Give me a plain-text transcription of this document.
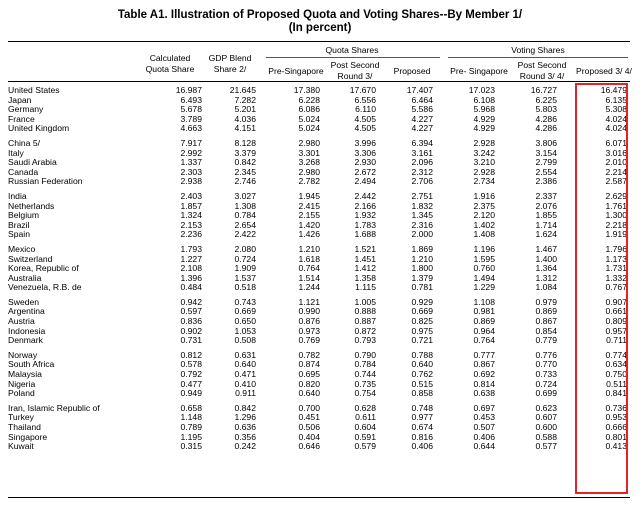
Table A1. Illustration of Proposed Quota and Voting Shares--By Member 1/
(In percent)
Calculated
Quota Share
GDP Blend
Share 2/
Quota Shares	Voting Shares
Pre-Singapore
Post Second
Round 3/	Proposed	Pre- Singapore
Post Second
Round 3/ 4/	Proposed 3/ 4/
United States	16.987	21.645	17.380	17.670	17.407	17.023	16.727	16.479
Japan	6.493	7.282	6.228	6.556	6.464	6.108	6.225	6.135
Germany	5.678	5.201	6.086	6.110	5.586	5.968	5.803	5.308
France	3.789	4.036	5.024	4.505	4.227	4.929	4.286	4.024
United Kingdom	4.663	4.151	5.024	4.505	4.227	4.929	4.286	4.024

China 5/	7.917	8.128	2.980	3.996	6.394	2.928	3.806	6.071
Italy	2.992	3.379	3.301	3.306	3.161	3.242	3.154	3.016
Saudi Arabia	1.337	0.842	3.268	2.930	2.096	3.210	2.799	2.010
Canada	2.303	2.345	2.980	2.672	2.312	2.928	2.554	2.214
Russian Federation	2.938	2.746	2.782	2.494	2.706	2.734	2.386	2.587

India	2.403	3.027	1.945	2.442	2.751	1.916	2.337	2.629
Netherlands	1.857	1.308	2.415	2.166	1.832	2.375	2.076	1.761
Belgium	1.324	0.784	2.155	1.932	1.345	2.120	1.855	1.300
Brazil	2.153	2.654	1.420	1.783	2.316	1.402	1.714	2.218
Spain	2.236	2.422	1.426	1.688	2.000	1.408	1.624	1.919

Mexico	1.793	2.080	1.210	1.521	1.869	1.196	1.467	1.796
Switzerland	1.227	0.724	1.618	1.451	1.210	1.595	1.400	1.173
Korea, Republic of	2.108	1.909	0.764	1.412	1.800	0.760	1.364	1.731
Australia	1.396	1.537	1.514	1.358	1.379	1.494	1.312	1.332
Venezuela, R.B. de	0.484	0.518	1.244	1.115	0.781	1.229	1.084	0.767

Sweden	0.942	0.743	1.121	1.005	0.929	1.108	0.979	0.907
Argentina	0.597	0.669	0.990	0.888	0.669	0.981	0.869	0.661
Austria	0.836	0.650	0.876	0.887	0.825	0.869	0.867	0.809
Indonesia	0.902	1.053	0.973	0.872	0.975	0.964	0.854	0.957
Denmark	0.731	0.508	0.769	0.793	0.721	0.764	0.779	0.711

Norway	0.812	0.631	0.782	0.790	0.788	0.777	0.776	0.774
South Africa	0.578	0.640	0.874	0.784	0.640	0.867	0.770	0.634
Malaysia	0.792	0.471	0.695	0.744	0.762	0.692	0.733	0.750
Nigeria	0.477	0.410	0.820	0.735	0.515	0.814	0.724	0.511
Poland	0.949	0.911	0.640	0.754	0.858	0.638	0.699	0.841

Iran, Islamic Republic of	0.658	0.842	0.700	0.628	0.748	0.697	0.623	0.736
Turkey	1.148	1.296	0.451	0.611	0.977	0.453	0.607	0.953
Thailand	0.789	0.636	0.506	0.604	0.674	0.507	0.600	0.666
Singapore	1.195	0.356	0.404	0.591	0.816	0.406	0.588	0.801
Kuwait	0.315	0.242	0.646	0.579	0.406	0.644	0.577	0.413
